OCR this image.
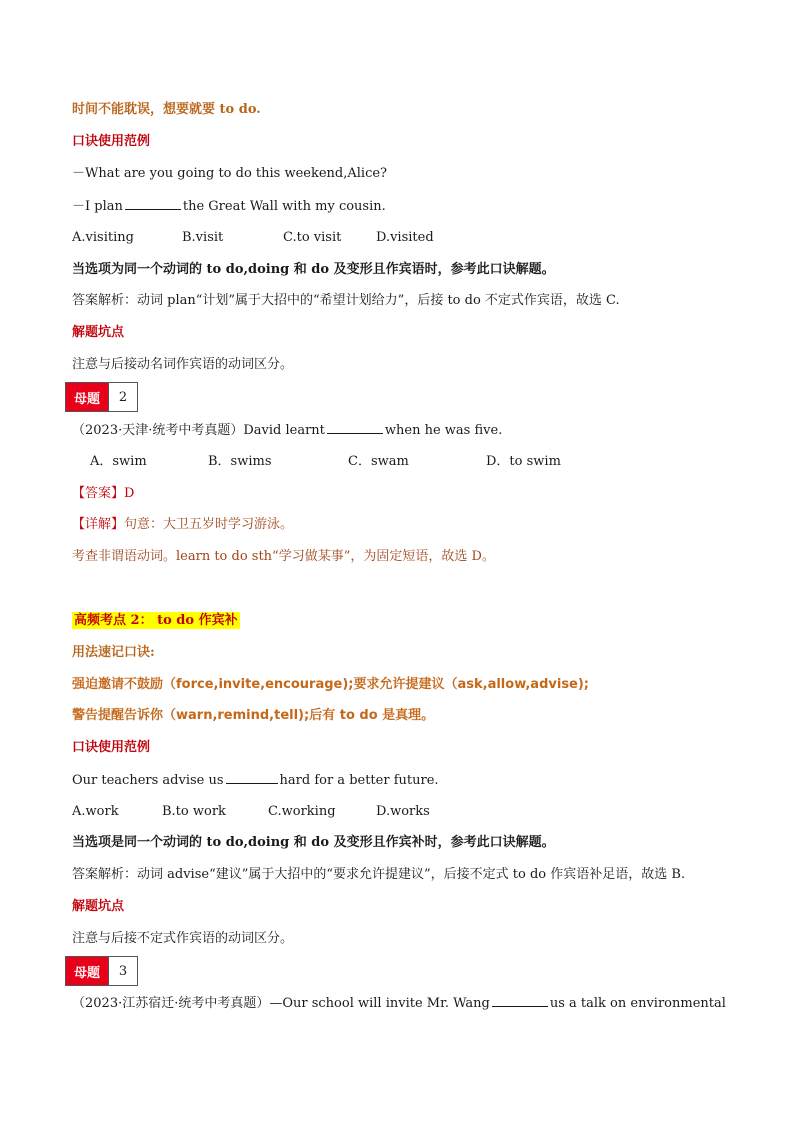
时间不能耽误，想要就要 to do.
口诀使用范例
－What are you going to do this weekend,Alice?
－I plan	the Great Wall with my cousin.
A.visiting	B.visit	C.to visit	D.visited
当选项为同一个动词的 to do,doing 和 do 及变形且作宾语时，参考此口诀解题。
答案解析：动词 plan“计划”属于大招中的“希望计划给力”，后接 to do 不定式作宾语，故选 C.
解题坑点
注意与后接动名词作宾语的动词区分。
母题	2
（2023·天津·统考中考真题）David learnt	when he was five.
A．swim	B．swims	C．swam	D．to swim
【答案】D
【详解】句意：大卫五岁时学习游泳。
考查非谓语动词。learn to do sth“学习做某事”，为固定短语，故选 D。
高频考点 2： to do 作宾补
用法速记口诀:
强迫邀请不鼓励（force,invite,encourage);要求允许提建议（ask,allow,advise);
警告提醒告诉你（warn,remind,tell);后有 to do 是真理。
口诀使用范例
Our teachers advise us	hard for a better future.
A.work	B.to work	C.working	D.works
当选项是同一个动词的 to do,doing 和 do 及变形且作宾补时，参考此口诀解题。
答案解析：动词 advise“建议”属于大招中的“要求允许提建议”，后接不定式 to do 作宾语补足语，故选 B.
解题坑点
注意与后接不定式作宾语的动词区分。
母题	3
（2023·江苏宿迁·统考中考真题）—Our school will invite Mr. Wang	us a talk on environmental
